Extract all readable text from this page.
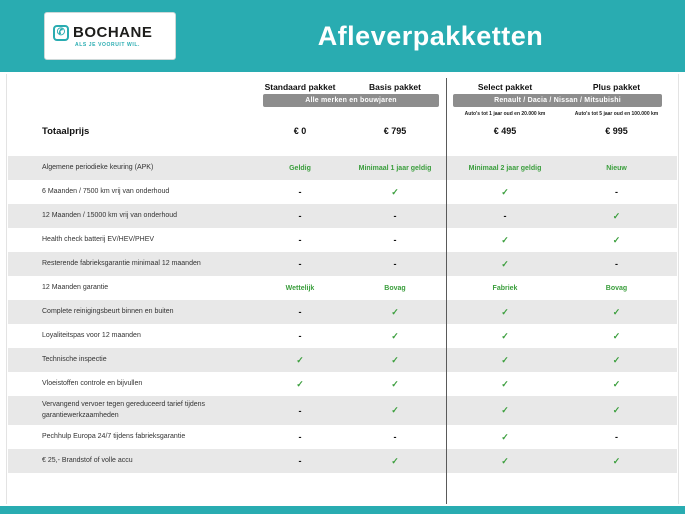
✆ BOCHANE
ALS JE VOORUIT WIL.	Afleverpakketten
Standaard pakket	Basis pakket	Select pakket	Plus pakket
Alle merken en bouwjaren	Renault / Dacia / Nissan / Mitsubishi
Auto's tot 1 jaar oud en 20.000 km	Auto's tot 5 jaar oud en 100.000 km
Totaalprijs	€ 0	€ 795	€ 495	€ 995
Algemene periodieke keuring (APK)	Geldig	Minimaal 1 jaar geldig	Minimaal 2 jaar geldig	Nieuw
6 Maanden / 7500 km vrij van onderhoud	-	✓	✓	-
12 Maanden / 15000 km vrij van onderhoud	-	-	-	✓
Health check batterij EV/HEV/PHEV	-	-	✓	✓
Resterende fabrieksgarantie minimaal 12 maanden	-	-	✓	-
12 Maanden garantie	Wettelijk	Bovag	Fabriek	Bovag
Complete reinigingsbeurt binnen en buiten	-	✓	✓	✓
Loyaliteitspas voor 12 maanden	-	✓	✓	✓
Technische inspectie	✓	✓	✓	✓
Vloeistoffen controle en bijvullen	✓	✓	✓	✓
Vervangend vervoer tegen gereduceerd tarief tijdens garantiewerkzaamheden	-	✓	✓	✓
Pechhulp Europa 24/7 tijdens fabrieksgarantie	-	-	✓	-
€ 25,- Brandstof of volle accu	-	✓	✓	✓
